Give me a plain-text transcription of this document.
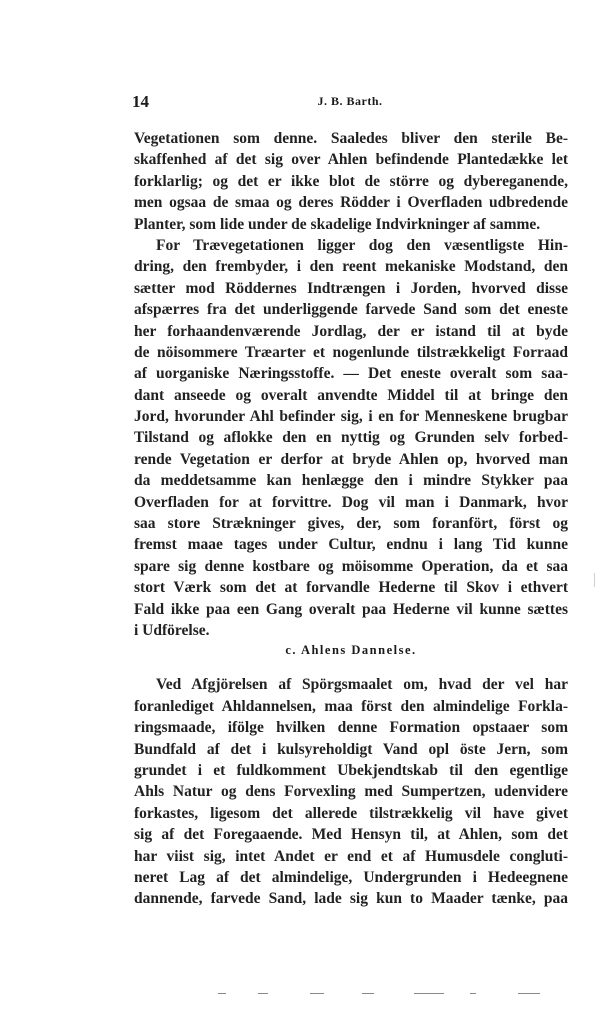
14	J. B. Barth.
Vegetationen som denne. Saaledes bliver den sterile Be-
skaffenhed af det sig over Ahlen befindende Plantedække let
forklarlig; og det er ikke blot de större og dybereganende,
men ogsaa de smaa og deres Rödder i Overfladen udbredende
Planter, som lide under de skadelige Indvirkninger af samme.
For Trævegetationen ligger dog den væsentligste Hin-
dring, den frembyder, i den reent mekaniske Modstand, den
sætter mod Röddernes Indtrængen i Jorden, hvorved disse
afspærres fra det underliggende farvede Sand som det eneste
her forhaandenværende Jordlag, der er istand til at byde
de nöisommere Træarter et nogenlunde tilstrækkeligt Forraad
af uorganiske Næringsstoffe. — Det eneste overalt som saa-
dant anseede og overalt anvendte Middel til at bringe den
Jord, hvorunder Ahl befinder sig, i en for Menneskene brugbar
Tilstand og aflokke den en nyttig og Grunden selv forbed-
rende Vegetation er derfor at bryde Ahlen op, hvorved man
da meddetsamme kan henlægge den i mindre Stykker paa
Overfladen for at forvittre. Dog vil man i Danmark, hvor
saa store Strækninger gives, der, som foranfört, först og
fremst maae tages under Cultur, endnu i lang Tid kunne
spare sig denne kostbare og möisomme Operation, da et saa
stort Værk som det at forvandle Hederne til Skov i ethvert
Fald ikke paa een Gang overalt paa Hederne vil kunne sættes
i Udförelse.
c. Ahlens Dannelse.
Ved Afgjörelsen af Spörgsmaalet om, hvad der vel har
foranlediget Ahldannelsen, maa först den almindelige Forkla-
ringsmaade, ifölge hvilken denne Formation opstaaer som
Bundfald af det i kulsyreholdigt Vand opl öste Jern, som
grundet i et fuldkomment Ubekjendtskab til den egentlige
Ahls Natur og dens Forvexling med Sumpertzen, udenvidere
forkastes, ligesom det allerede tilstrækkelig vil have givet
sig af det Foregaaende. Med Hensyn til, at Ahlen, som det
har viist sig, intet Andet er end et af Humusdele congluti-
neret Lag af det almindelige, Undergrunden i Hedeegnene
dannende, farvede Sand, lade sig kun to Maader tænke, paa
